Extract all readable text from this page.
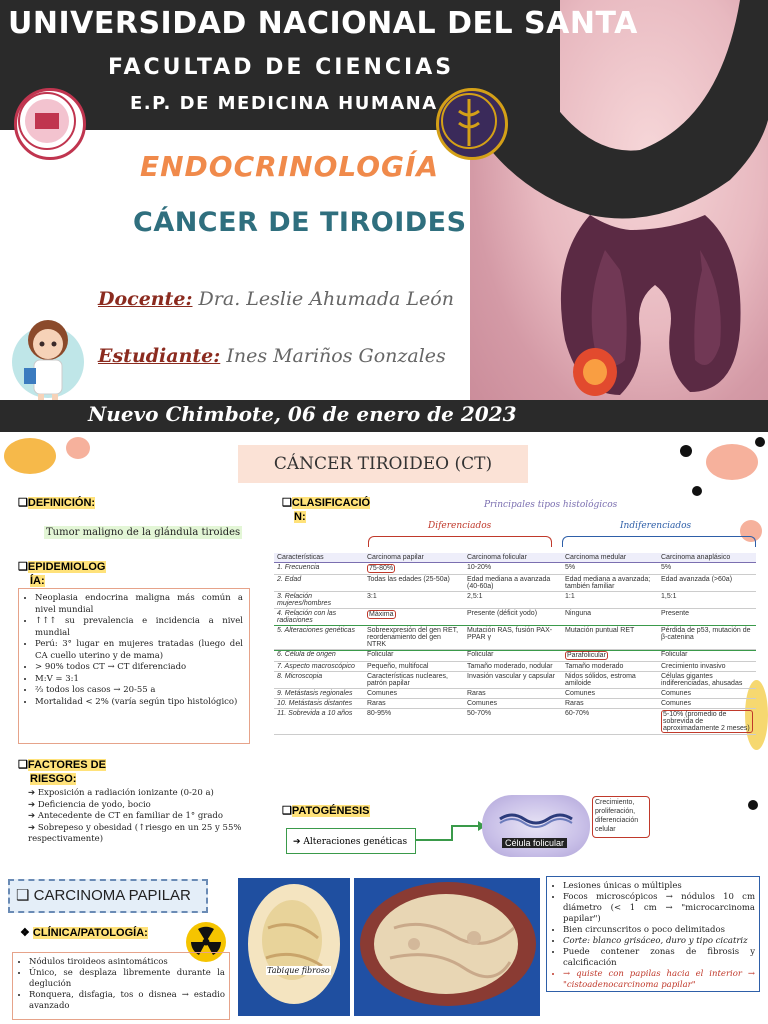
UNIVERSIDAD NACIONAL DEL SANTA
FACULTAD DE CIENCIAS
E.P. DE MEDICINA HUMANA
ENDOCRINOLOGÍA
CÁNCER DE TIROIDES
Docente: Dra. Leslie Ahumada León
Estudiante: Ines Mariños Gonzales
Nuevo Chimbote, 06 de enero de 2023
CÁNCER TIROIDEO (CT)
❑DEFINICIÓN:
Tumor maligno de la glándula tiroides
❑EPIDEMIOLOG
ÍA:
• Neoplasia endocrina maligna más común a nivel mundial
• ↑↑↑ su prevalencia e incidencia a nivel mundial
• Perú: 3° lugar en mujeres tratadas (luego del CA cuello uterino y de mama)
• > 90% todos CT → CT diferenciado
• M:V = 3:1
• ⅔ todos los casos → 20-55 a
• Mortalidad < 2% (varía según tipo histológico)
❑FACTORES DE
RIESGO:
➔ Exposición a radiación ionizante (0-20 a)
➔ Deficiencia de yodo, bocio
➔ Antecedente de CT en familiar de 1° grado
➔ Sobrepeso y obesidad (↑riesgo en un 25 y 55% respectivamente)
❑CLASIFICACIÓ
N:
Principales tipos histológicos
Diferenciados	Indiferenciados
Características	Carcinoma papilar	Carcinoma folicular	Carcinoma medular	Carcinoma anaplásico
1. Frecuencia	75-80%	10-20%	5%	5%
2. Edad	Todas las edades (25-50a)	Edad mediana a avanzada (40-60a)	Edad mediana a avanzada; también familiar	Edad avanzada (>60a)
3. Relación mujeres/hombres	3:1	2,5:1	1:1	1,5:1
4. Relación con las radiaciones	Máxima	Presente (déficit yodo)	Ninguna	Presente
5. Alteraciones genéticas	Sobreexpresión del gen RET, reordenamiento del gen NTRK	Mutación RAS, fusión PAX-PPAR γ	Mutación puntual RET	Pérdida de p53, mutación de β-catenina
6. Célula de origen	Folicular	Folicular	Parafolicular	Folicular
7. Aspecto macroscópico	Pequeño, multifocal	Tamaño moderado, nodular	Tamaño moderado	Crecimiento invasivo
8. Microscopia	Características nucleares, patrón papilar	Invasión vascular y capsular	Nidos sólidos, estroma amiloide	Células gigantes indiferenciadas, ahusadas
9. Metástasis regionales	Comunes	Raras	Comunes	Comunes
10. Metástasis distantes	Raras	Comunes	Raras	Comunes
11. Sobrevida a 10 años	80-95%	50-70%	60-70%	5-10% (promedio de sobrevida de aproximadamente 2 meses)
❑PATOGÉNESIS
➔ Alteraciones genéticas	Célula folicular
Crecimiento, proliferación, diferenciación celular
❑ CARCINOMA PAPILAR
❖ CLÍNICA/PATOLOGÍA:
• Nódulos tiroideos asintomáticos
• Único, se desplaza libremente durante la deglución
• Ronquera, disfagia, tos o disnea → estadio avanzado
Tabique fibroso
• Lesiones únicas o múltiples
• Focos microscópicos → nódulos 10 cm diámetro (< 1 cm → "microcarcinoma papilar")
• Bien circunscritos o poco delimitados
• Corte: blanco grisáceo, duro y tipo cicatriz
• Puede contener zonas de fibrosis y calcificación
• → quiste con papilas hacia el interior → "cistoadenocarcinoma papilar"
